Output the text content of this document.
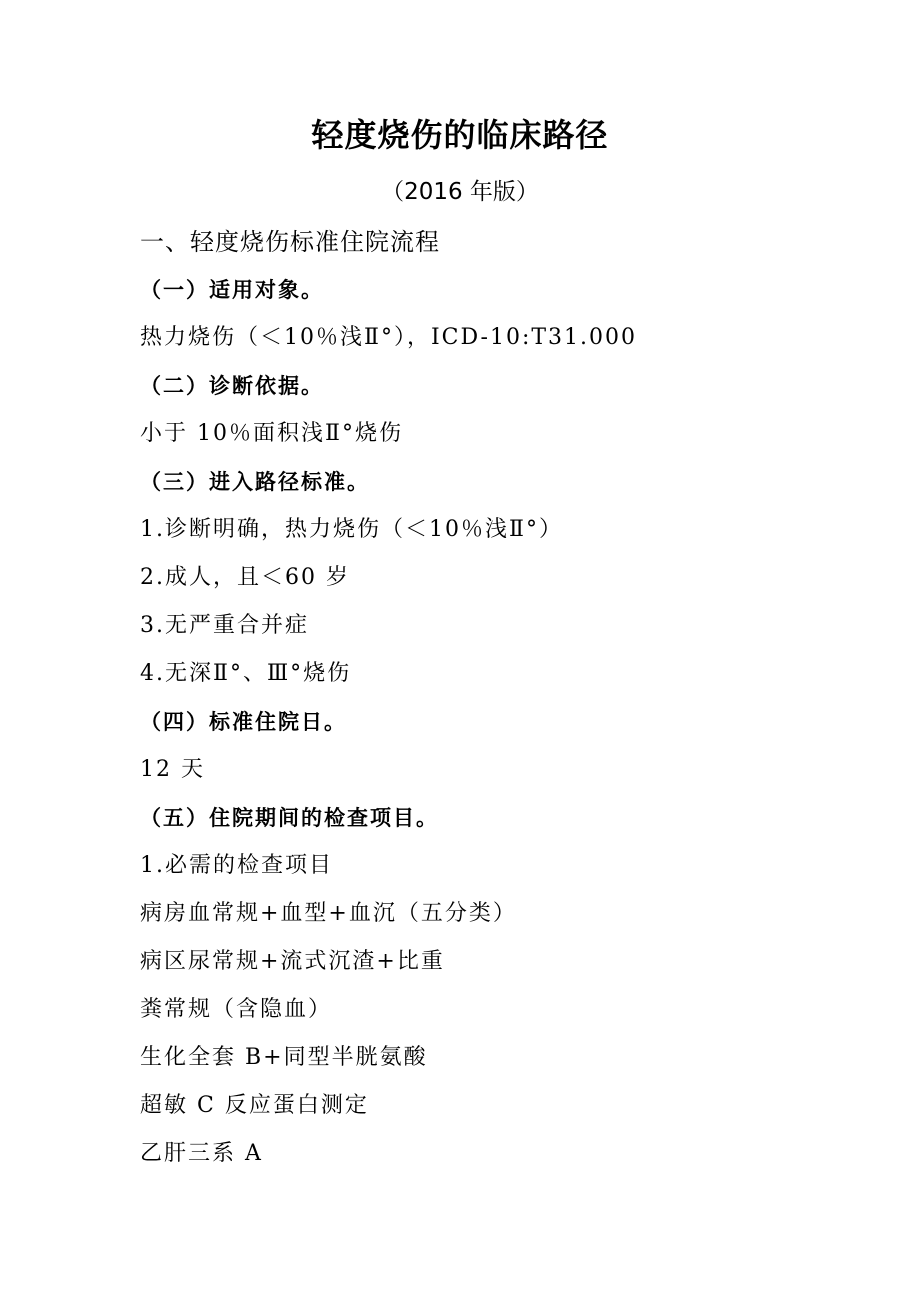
轻度烧伤的临床路径
（2016 年版）
一、轻度烧伤标准住院流程
（一）适用对象。
热力烧伤（＜10％浅Ⅱ°），ICD-10:T31.000
（二）诊断依据。
小于 10％面积浅Ⅱ°烧伤
（三）进入路径标准。
1.诊断明确，热力烧伤（＜10％浅Ⅱ°）
2.成人，且＜60 岁
3.无严重合并症
4.无深Ⅱ°、Ⅲ°烧伤
（四）标准住院日。
12 天
（五）住院期间的检查项目。
1.必需的检查项目
病房血常规+血型+血沉（五分类）
病区尿常规+流式沉渣+比重
粪常规（含隐血）
生化全套 B+同型半胱氨酸
超敏 C 反应蛋白测定
乙肝三系 A
